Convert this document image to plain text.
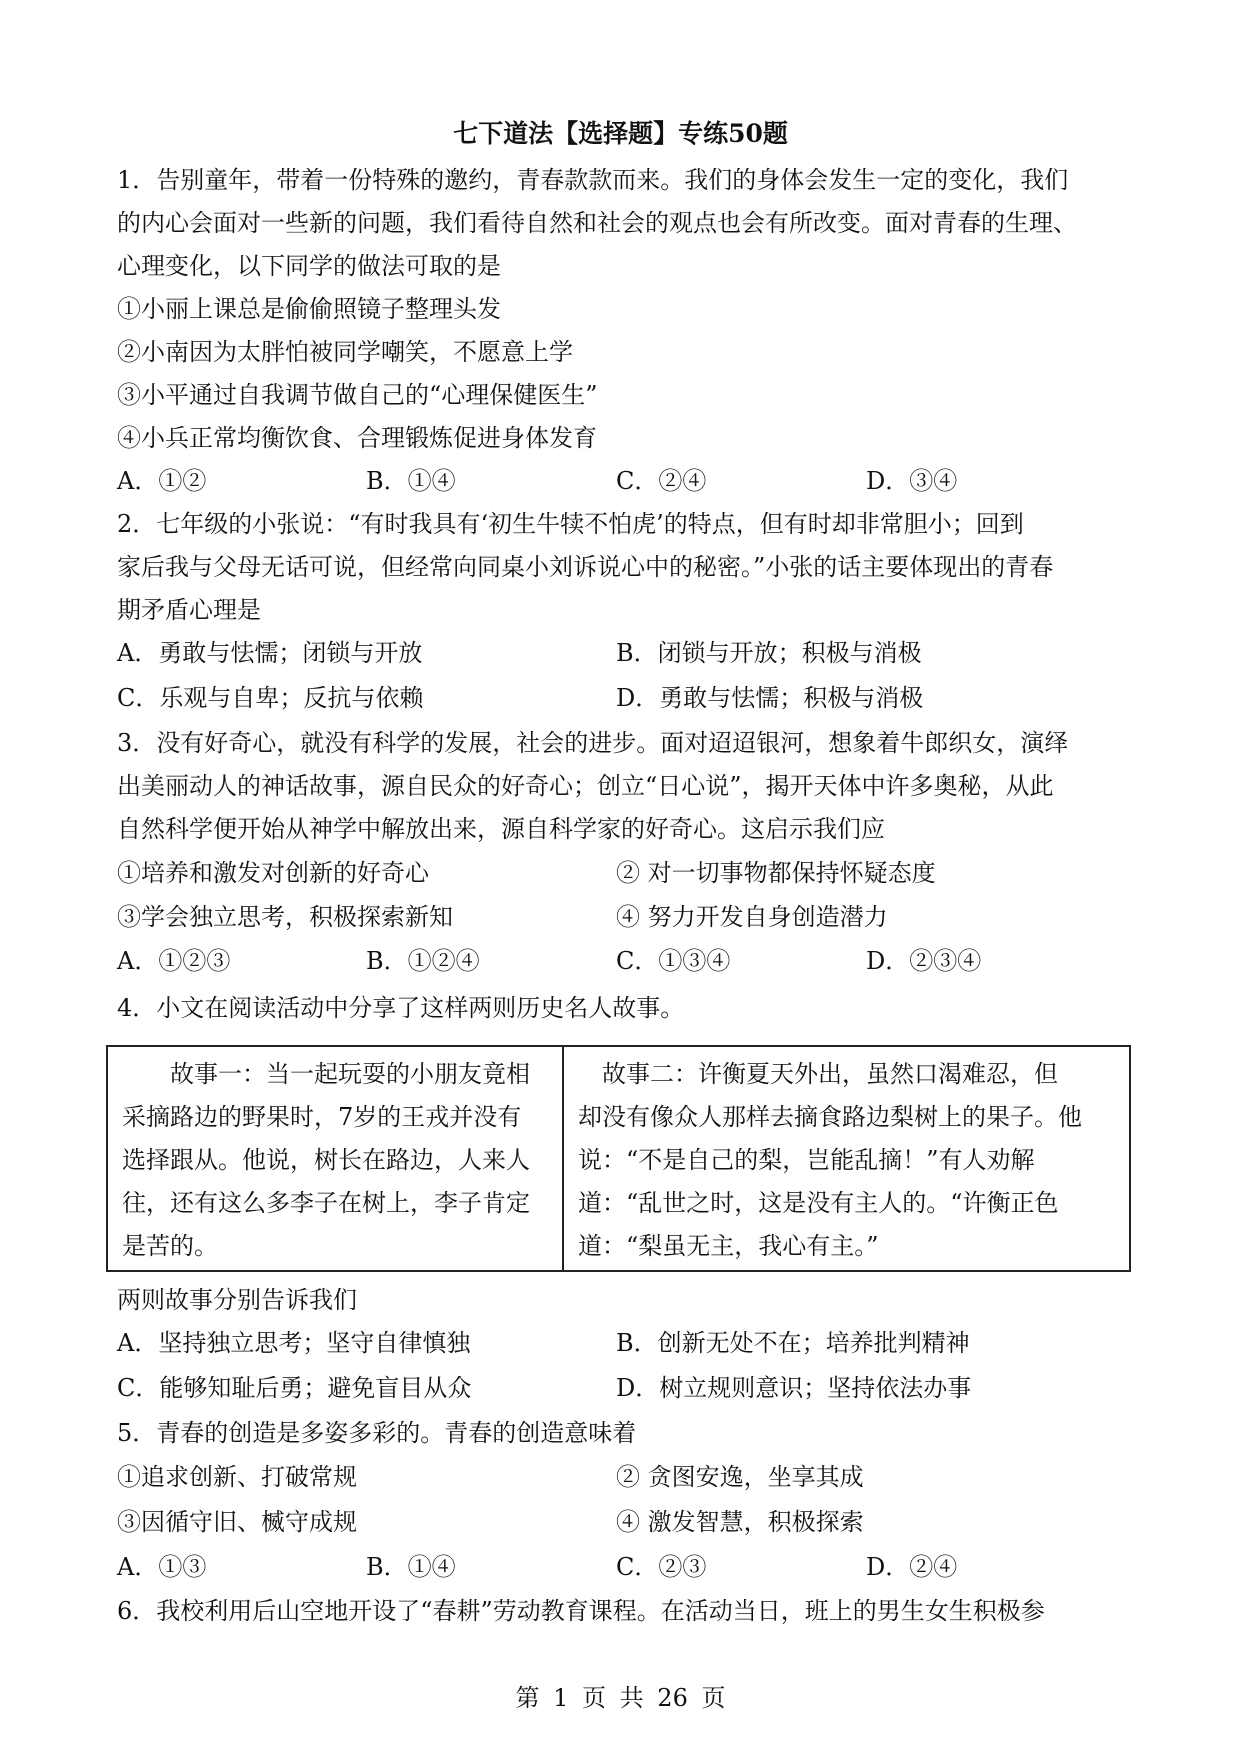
七下道法【选择题】专练50题
1．告别童年，带着一份特殊的邀约，青春款款而来。我们的身体会发生一定的变化，我们
的内心会面对一些新的问题，我们看待自然和社会的观点也会有所改变。面对青春的生理、
心理变化，以下同学的做法可取的是
①小丽上课总是偷偷照镜子整理头发
②小南因为太胖怕被同学嘲笑，不愿意上学
③小平通过自我调节做自己的“心理保健医生”
④小兵正常均衡饮食、合理锻炼促进身体发育
A．①②	B．①④	C．②④	D．③④
2．七年级的小张说：“有时我具有‘初生牛犊不怕虎’的特点，但有时却非常胆小；回到
家后我与父母无话可说，但经常向同桌小刘诉说心中的秘密。”小张的话主要体现出的青春
期矛盾心理是
A．勇敢与怯懦；闭锁与开放	B．闭锁与开放；积极与消极
C．乐观与自卑；反抗与依赖	D．勇敢与怯懦；积极与消极
3．没有好奇心，就没有科学的发展，社会的进步。面对迢迢银河，想象着牛郎织女，演绎
出美丽动人的神话故事，源自民众的好奇心；创立“日心说”，揭开天体中许多奥秘，从此
自然科学便开始从神学中解放出来，源自科学家的好奇心。这启示我们应
①培养和激发对创新的好奇心	② 对一切事物都保持怀疑态度
③学会独立思考，积极探索新知	④ 努力开发自身创造潜力
A．①②③	B．①②④	C．①③④	D．②③④
4．小文在阅读活动中分享了这样两则历史名人故事。
故事一：当一起玩耍的小朋友竟相
采摘路边的野果时，7岁的王戎并没有
选择跟从。他说，树长在路边，人来人
往，还有这么多李子在树上，李子肯定
是苦的。
故事二：许衡夏天外出，虽然口渴难忍，但
却没有像众人那样去摘食路边梨树上的果子。他
说：“不是自己的梨，岂能乱摘！”有人劝解
道：“乱世之时，这是没有主人的。“许衡正色
道：“梨虽无主，我心有主。”
两则故事分别告诉我们
A．坚持独立思考；坚守自律慎独	B．创新无处不在；培养批判精神
C．能够知耻后勇；避免盲目从众	D．树立规则意识；坚持依法办事
5．青春的创造是多姿多彩的。青春的创造意味着
①追求创新、打破常规	② 贪图安逸，坐享其成
③因循守旧、楲守成规	④ 激发智慧，积极探索
A．①③	B．①④	C．②③	D．②④
6．我校利用后山空地开设了“春耕”劳动教育课程。在活动当日，班上的男生女生积极参
第 1 页 共 26 页
